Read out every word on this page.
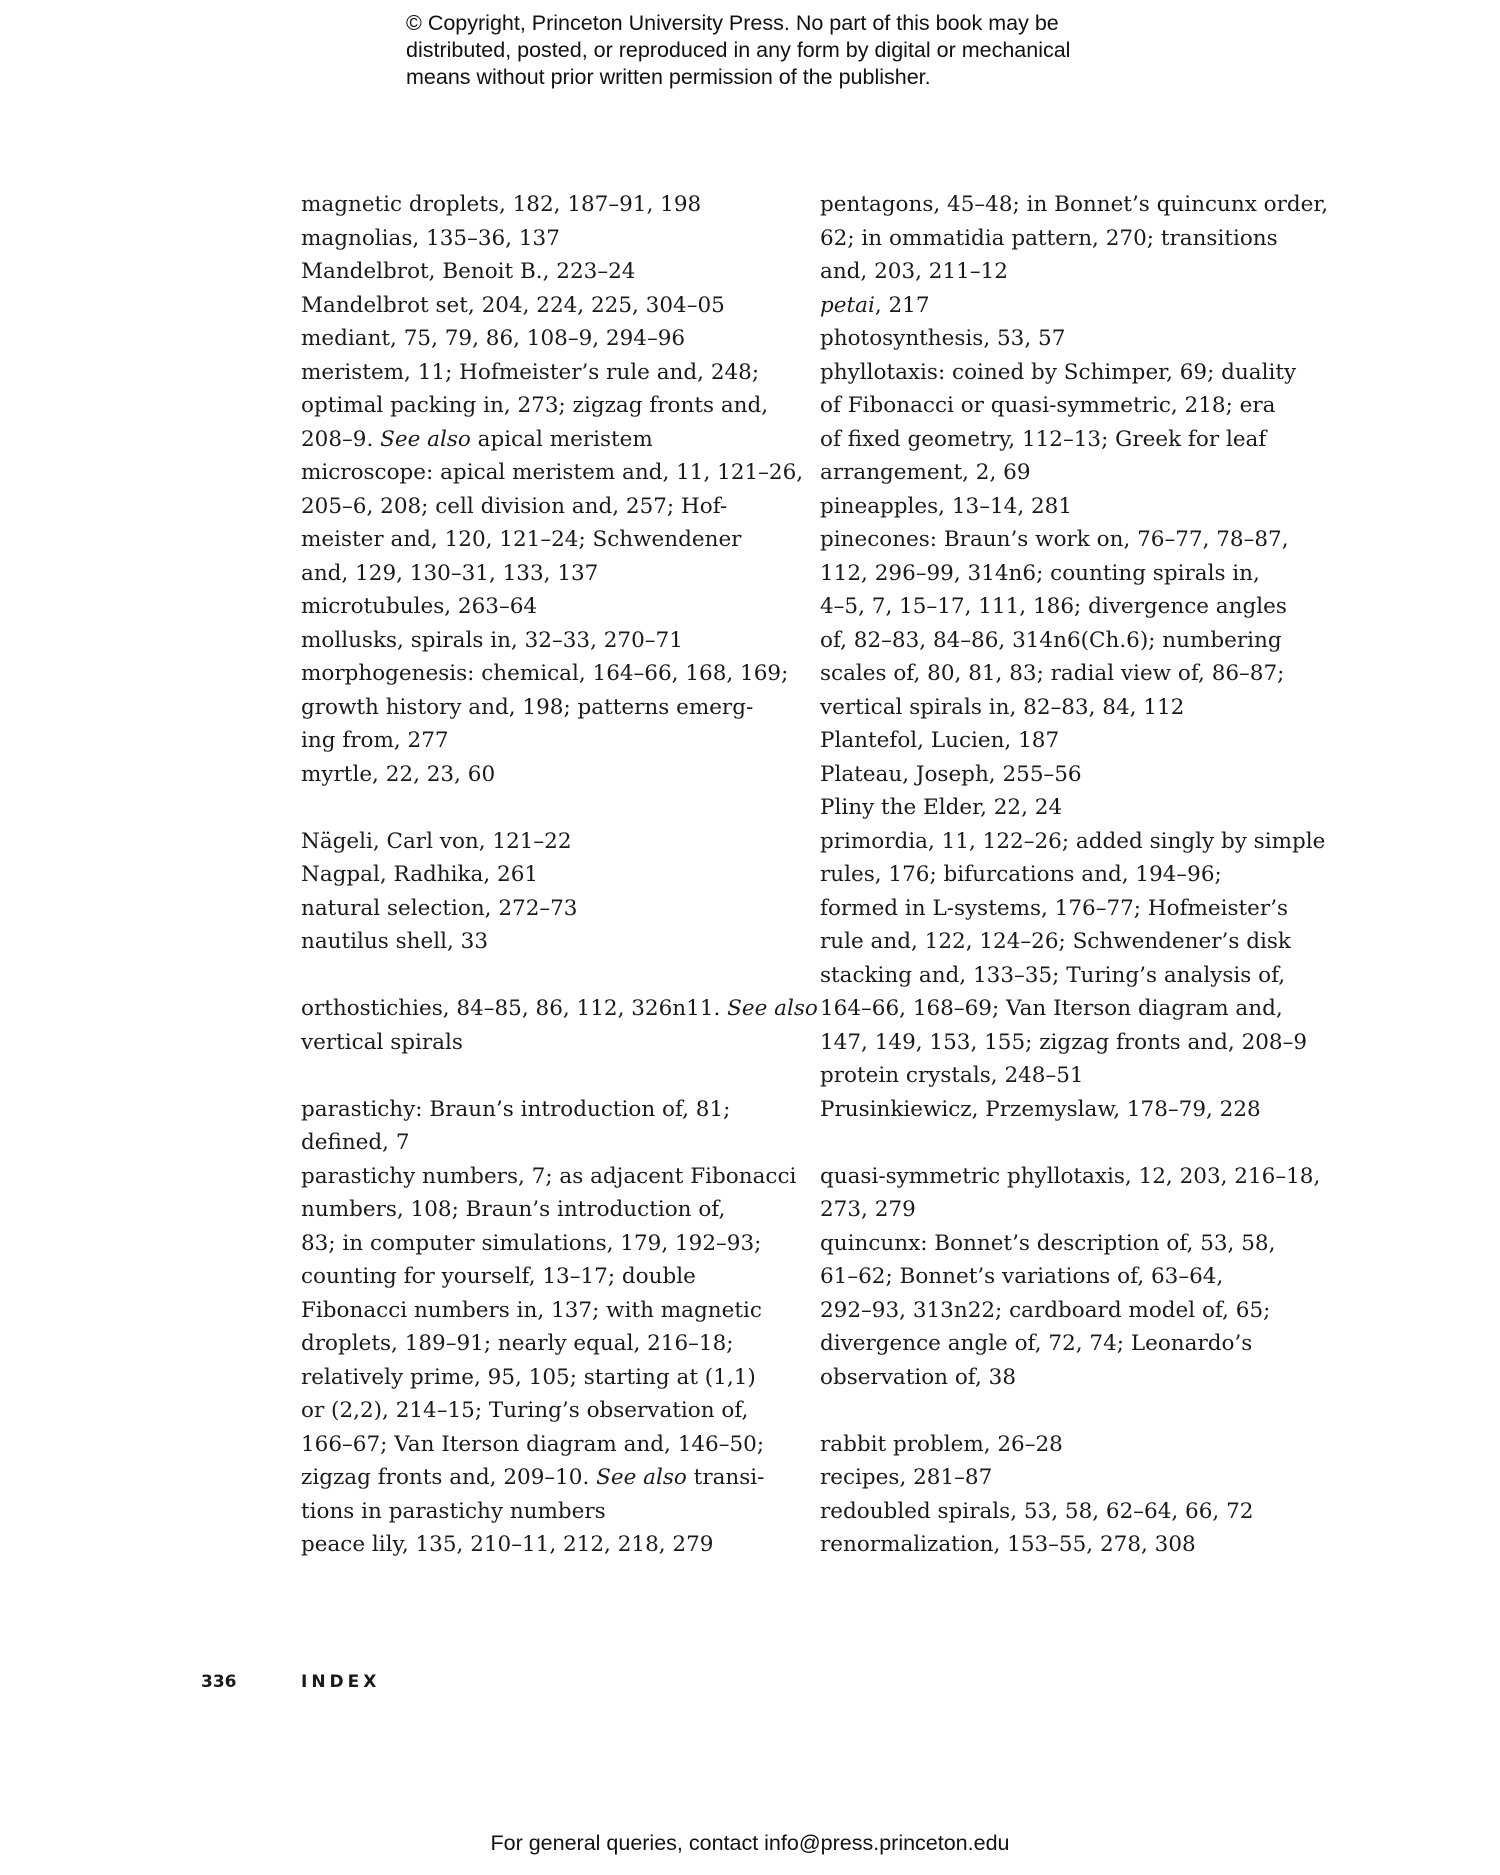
© Copyright, Princeton University Press. No part of this book may be
distributed, posted, or reproduced in any form by digital or mechanical
means without prior written permission of the publisher.
magnetic droplets, 182, 187–91, 198
magnolias, 135–36, 137
Mandelbrot, Benoit B., 223–24
Mandelbrot set, 204, 224, 225, 304–05
mediant, 75, 79, 86, 108–9, 294–96
meristem, 11; Hofmeister’s rule and, 248;
optimal packing in, 273; zigzag fronts and,
208–9. See also apical meristem
microscope: apical meristem and, 11, 121–26,
205–6, 208; cell division and, 257; Hof-
meister and, 120, 121–24; Schwendener
and, 129, 130–31, 133, 137
microtubules, 263–64
mollusks, spirals in, 32–33, 270–71
morphogenesis: chemical, 164–66, 168, 169;
growth history and, 198; patterns emerg-
ing from, 277
myrtle, 22, 23, 60
Nägeli, Carl von, 121–22
Nagpal, Radhika, 261
natural selection, 272–73
nautilus shell, 33
orthostichies, 84–85, 86, 112, 326n11. See also
vertical spirals
parastichy: Braun’s introduction of, 81;
defined, 7
parastichy numbers, 7; as adjacent Fibonacci
numbers, 108; Braun’s introduction of,
83; in computer simulations, 179, 192–93;
counting for yourself, 13–17; double
Fibonacci numbers in, 137; with magnetic
droplets, 189–91; nearly equal, 216–18;
relatively prime, 95, 105; starting at (1,1)
or (2,2), 214–15; Turing’s observation of,
166–67; Van Iterson diagram and, 146–50;
zigzag fronts and, 209–10. See also transi-
tions in parastichy numbers
peace lily, 135, 210–11, 212, 218, 279
pentagons, 45–48; in Bonnet’s quincunx order,
62; in ommatidia pattern, 270; transitions
and, 203, 211–12
petai, 217
photosynthesis, 53, 57
phyllotaxis: coined by Schimper, 69; duality
of Fibonacci or quasi-symmetric, 218; era
of fixed geometry, 112–13; Greek for leaf
arrangement, 2, 69
pineapples, 13–14, 281
pinecones: Braun’s work on, 76–77, 78–87,
112, 296–99, 314n6; counting spirals in,
4–5, 7, 15–17, 111, 186; divergence angles
of, 82–83, 84–86, 314n6(Ch.6); numbering
scales of, 80, 81, 83; radial view of, 86–87;
vertical spirals in, 82–83, 84, 112
Plantefol, Lucien, 187
Plateau, Joseph, 255–56
Pliny the Elder, 22, 24
primordia, 11, 122–26; added singly by simple
rules, 176; bifurcations and, 194–96;
formed in L-systems, 176–77; Hofmeister’s
rule and, 122, 124–26; Schwendener’s disk
stacking and, 133–35; Turing’s analysis of,
164–66, 168–69; Van Iterson diagram and,
147, 149, 153, 155; zigzag fronts and, 208–9
protein crystals, 248–51
Prusinkiewicz, Przemyslaw, 178–79, 228
quasi-symmetric phyllotaxis, 12, 203, 216–18,
273, 279
quincunx: Bonnet’s description of, 53, 58,
61–62; Bonnet’s variations of, 63–64,
292–93, 313n22; cardboard model of, 65;
divergence angle of, 72, 74; Leonardo’s
observation of, 38
rabbit problem, 26–28
recipes, 281–87
redoubled spirals, 53, 58, 62–64, 66, 72
renormalization, 153–55, 278, 308
336	INDEX
For general queries, contact info@press.princeton.edu
